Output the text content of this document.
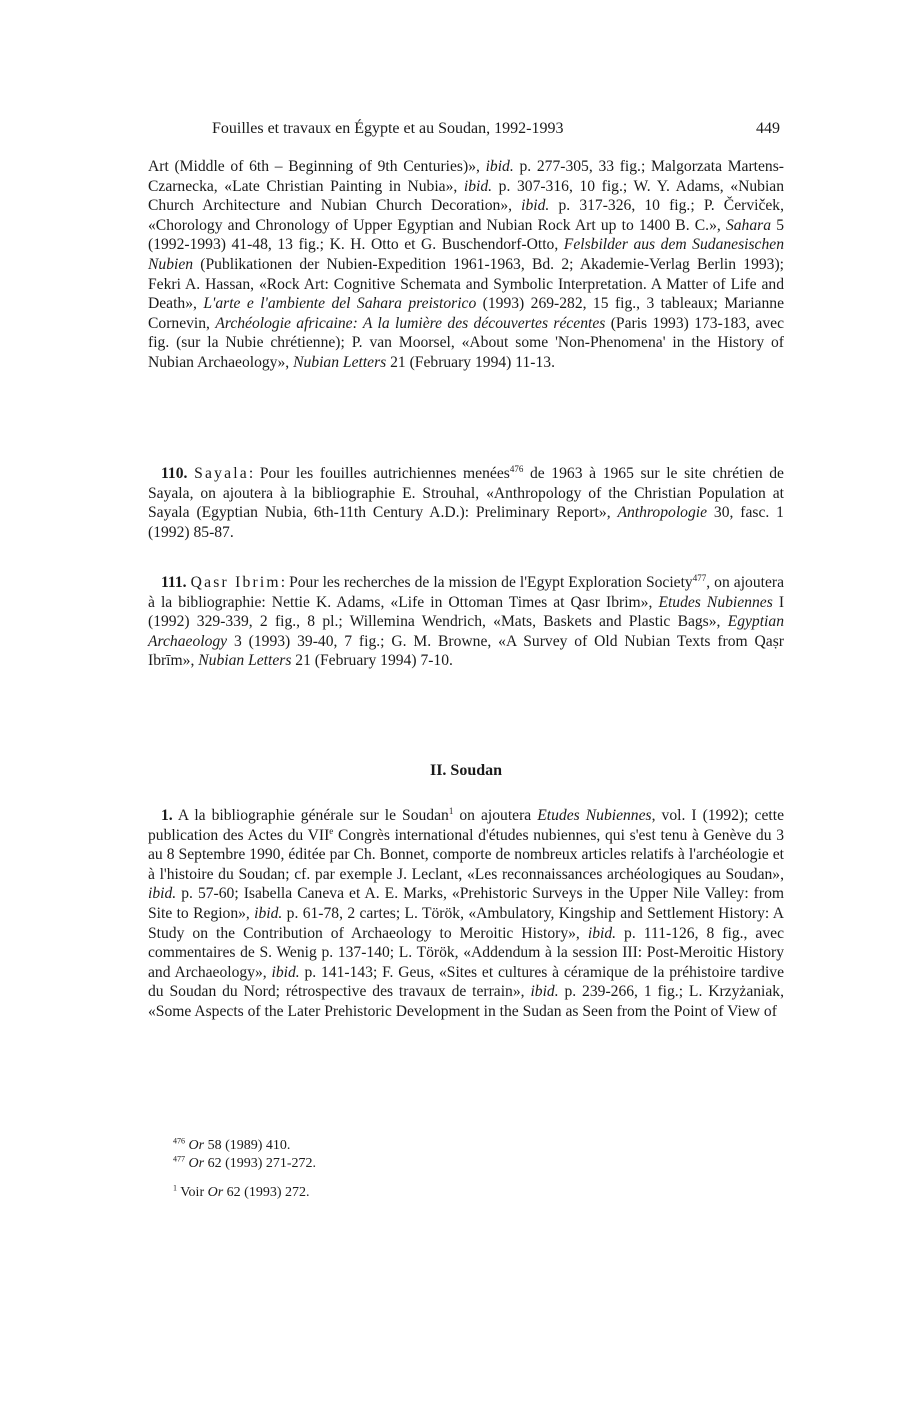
Fouilles et travaux en Égypte et au Soudan, 1992-1993	449

Art (Middle of 6th – Beginning of 9th Centuries)», ibid. p. 277-305, 33 fig.; Malgorzata Martens-Czarnecka, «Late Christian Painting in Nubia», ibid. p. 307-316, 10 fig.; W. Y. Adams, «Nubian Church Architecture and Nubian Church Decoration», ibid. p. 317-326, 10 fig.; P. Červiček, «Chorology and Chronology of Upper Egyptian and Nubian Rock Art up to 1400 B. C.», Sahara 5 (1992-1993) 41-48, 13 fig.; K. H. Otto et G. Buschendorf-Otto, Felsbilder aus dem Sudanesischen Nubien (Publikationen der Nubien-Expedition 1961-1963, Bd. 2; Akademie-Verlag Berlin 1993); Fekri A. Hassan, «Rock Art: Cognitive Schemata and Symbolic Interpretation. A Matter of Life and Death», L'arte e l'ambiente del Sahara preistorico (1993) 269-282, 15 fig., 3 tableaux; Marianne Cornevin, Archéologie africaine: A la lumière des découvertes récentes (Paris 1993) 173-183, avec fig. (sur la Nubie chrétienne); P. van Moorsel, «About some 'Non-Phenomena' in the History of Nubian Archaeology», Nubian Letters 21 (February 1994) 11-13.

110. Sayala: Pour les fouilles autrichiennes menées$^{476}$ de 1963 à 1965 sur le site chrétien de Sayala, on ajoutera à la bibliographie E. Strouhal, «Anthropology of the Christian Population at Sayala (Egyptian Nubia, 6th-11th Century A.D.): Preliminary Report», Anthropologie 30, fasc. 1 (1992) 85-87.

111. Qasr Ibrim: Pour les recherches de la mission de l'Egypt Exploration Society$^{477}$, on ajoutera à la bibliographie: Nettie K. Adams, «Life in Ottoman Times at Qasr Ibrim», Etudes Nubiennes I (1992) 329-339, 2 fig., 8 pl.; Willemina Wendrich, «Mats, Baskets and Plastic Bags», Egyptian Archaeology 3 (1993) 39-40, 7 fig.; G. M. Browne, «A Survey of Old Nubian Texts from Qaṣr Ibrīm», Nubian Letters 21 (February 1994) 7-10.

II. Soudan

1. A la bibliographie générale sur le Soudan$^1$ on ajoutera Etudes Nubiennes, vol. I (1992); cette publication des Actes du VIIe Congrès international d'études nubiennes, qui s'est tenu à Genève du 3 au 8 Septembre 1990, éditée par Ch. Bonnet, comporte de nombreux articles relatifs à l'archéologie et à l'histoire du Soudan; cf. par exemple J. Leclant, «Les reconnaissances archéologiques au Soudan», ibid. p. 57-60; Isabella Caneva et A. E. Marks, «Prehistoric Surveys in the Upper Nile Valley: from Site to Region», ibid. p. 61-78, 2 cartes; L. Török, «Ambulatory, Kingship and Settlement History: A Study on the Contribution of Archaeology to Meroitic History», ibid. p. 111-126, 8 fig., avec commentaires de S. Wenig p. 137-140; L. Török, «Addendum à la session III: Post-Meroitic History and Archaeology», ibid. p. 141-143; F. Geus, «Sites et cultures à céramique de la préhistoire tardive du Soudan du Nord; rétrospective des travaux de terrain», ibid. p. 239-266, 1 fig.; L. Krzyżaniak, «Some Aspects of the Later Prehistoric Development in the Sudan as Seen from the Point of View of

$^{476}$ Or 58 (1989) 410.

$^{477}$ Or 62 (1993) 271-272.

$^1$ Voir Or 62 (1993) 272.
